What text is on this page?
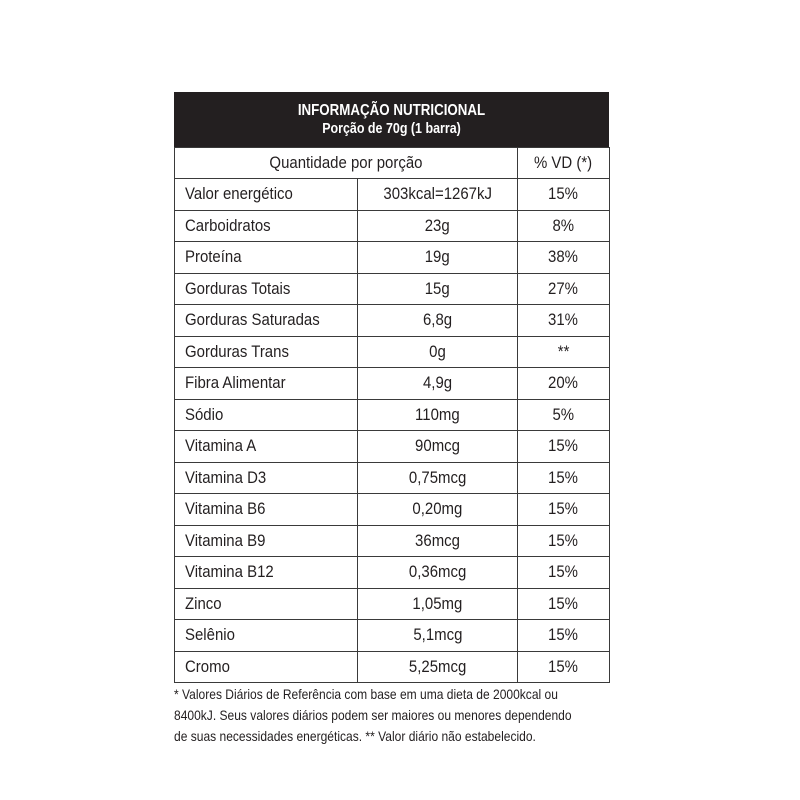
INFORMAÇÃO NUTRICIONAL
Porção de 70g (1 barra)
Quantidade por porção		% VD (*)
Valor energético	303kcal=1267kJ	15%
Carboidratos	23g	8%
Proteína	19g	38%
Gorduras Totais	15g	27%
Gorduras Saturadas	6,8g	31%
Gorduras Trans	0g	**
Fibra Alimentar	4,9g	20%
Sódio	110mg	5%
Vitamina A	90mcg	15%
Vitamina D3	0,75mcg	15%
Vitamina B6	0,20mg	15%
Vitamina B9	36mcg	15%
Vitamina B12	0,36mcg	15%
Zinco	1,05mg	15%
Selênio	5,1mcg	15%
Cromo	5,25mcg	15%
* Valores Diários de Referência com base em uma dieta de 2000kcal ou
8400kJ. Seus valores diários podem ser maiores ou menores dependendo
de suas necessidades energéticas. ** Valor diário não estabelecido.
